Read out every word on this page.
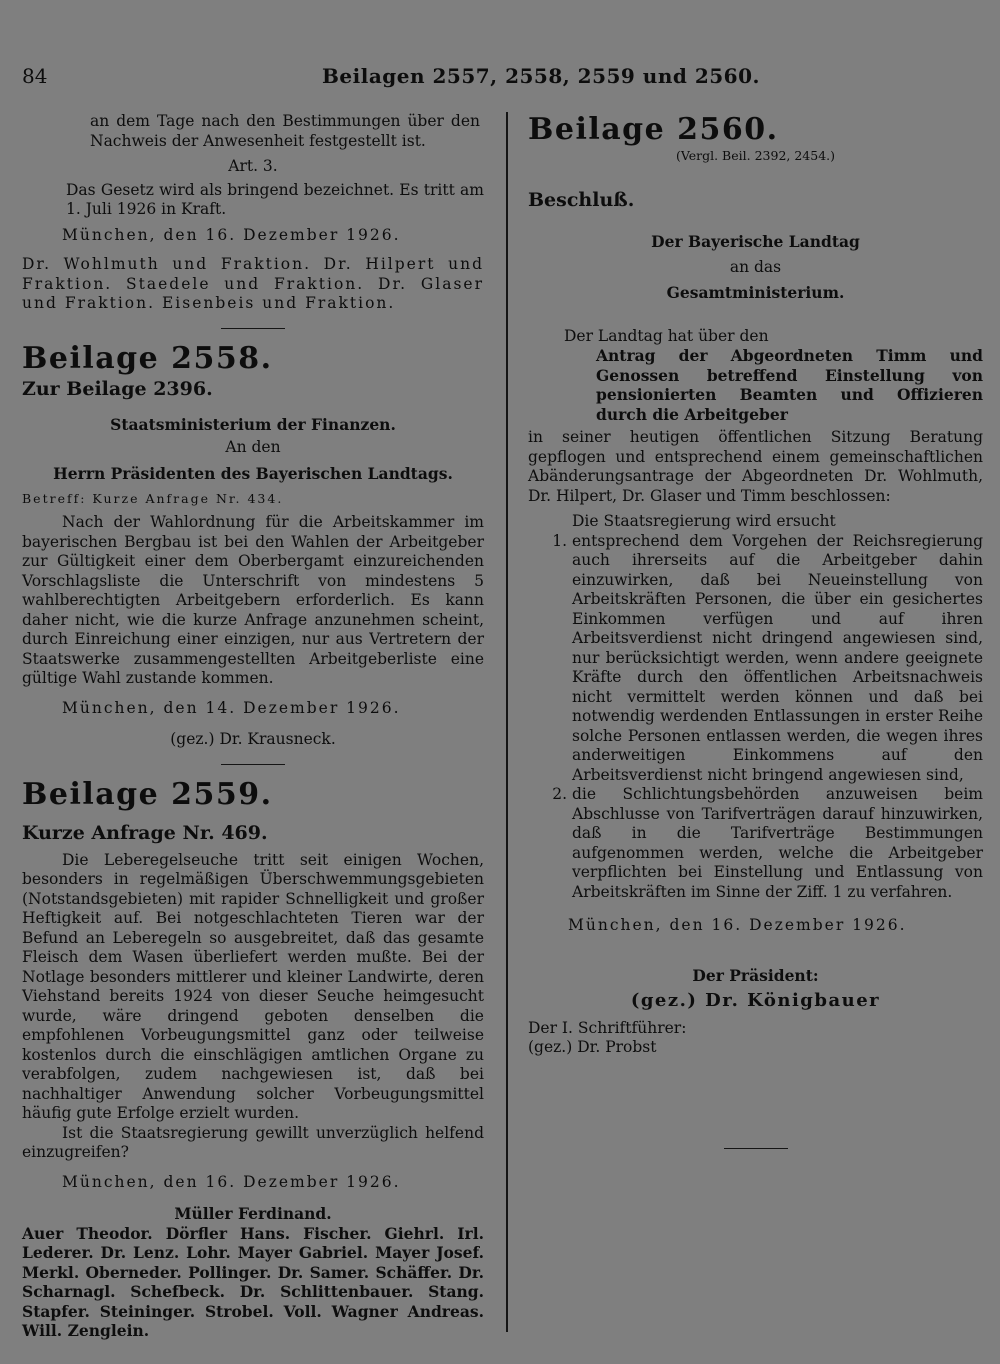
84	Beilagen 2557, 2558, 2559 und 2560.

an dem Tage nach den Bestimmungen über den Nachweis der Anwesenheit festgestellt ist.

Art. 3.

Das Gesetz wird als bringend bezeichnet. Es tritt am 1. Juli 1926 in Kraft.

München, den 16. Dezember 1926.

Dr. Wohlmuth und Fraktion. Dr. Hilpert und Fraktion. Staedele und Fraktion. Dr. Glaser und Fraktion. Eisenbeis und Fraktion.

Beilage 2558.

Zur Beilage 2396.

Staatsministerium der Finanzen.

An den

Herrn Präsidenten des Bayerischen Landtags.

Betreff: Kurze Anfrage Nr. 434.

Nach der Wahlordnung für die Arbeitskammer im bayerischen Bergbau ist bei den Wahlen der Arbeitgeber zur Gültigkeit einer dem Oberbergamt einzureichenden Vorschlagsliste die Unterschrift von mindestens 5 wahlberechtigten Arbeitgebern erforderlich. Es kann daher nicht, wie die kurze Anfrage anzunehmen scheint, durch Einreichung einer einzigen, nur aus Vertretern der Staatswerke zusammengestellten Arbeitgeberliste eine gültige Wahl zustande kommen.

München, den 14. Dezember 1926.

(gez.) Dr. Krausneck.

Beilage 2559.

Kurze Anfrage Nr. 469.

Die Leberegelseuche tritt seit einigen Wochen, besonders in regelmäßigen Überschwemmungsgebieten (Notstandsgebieten) mit rapider Schnelligkeit und großer Heftigkeit auf. Bei notgeschlachteten Tieren war der Befund an Leberegeln so ausgebreitet, daß das gesamte Fleisch dem Wasen überliefert werden mußte. Bei der Notlage besonders mittlerer und kleiner Landwirte, deren Viehstand bereits 1924 von dieser Seuche heimgesucht wurde, wäre dringend geboten denselben die empfohlenen Vorbeugungsmittel ganz oder teilweise kostenlos durch die einschlägigen amtlichen Organe zu verabfolgen, zudem nachgewiesen ist, daß bei nachhaltiger Anwendung solcher Vorbeugungsmittel häufig gute Erfolge erzielt wurden.

Ist die Staatsregierung gewillt unverzüglich helfend einzugreifen?

München, den 16. Dezember 1926.

Müller Ferdinand.

Auer Theodor. Dörfler Hans. Fischer. Giehrl. Irl. Lederer. Dr. Lenz. Lohr. Mayer Gabriel. Mayer Josef. Merkl. Oberneder. Pollinger. Dr. Samer. Schäffer. Dr. Scharnagl. Schefbeck. Dr. Schlittenbauer. Stang. Stapfer. Steininger. Strobel. Voll. Wagner Andreas. Will. Zenglein.

Beilage 2560.

(Vergl. Beil. 2392, 2454.)

Beschluß.

Der Bayerische Landtag

an das

Gesamtministerium.

Der Landtag hat über den

Antrag der Abgeordneten Timm und Genossen betreffend Einstellung von pensionierten Beamten und Offizieren durch die Arbeitgeber

in seiner heutigen öffentlichen Sitzung Beratung gepflogen und entsprechend einem gemeinschaftlichen Abänderungsantrage der Abgeordneten Dr. Wohlmuth, Dr. Hilpert, Dr. Glaser und Timm beschlossen:

Die Staatsregierung wird ersucht

1. entsprechend dem Vorgehen der Reichsregierung auch ihrerseits auf die Arbeitgeber dahin einzuwirken, daß bei Neueinstellung von Arbeitskräften Personen, die über ein gesichertes Einkommen verfügen und auf ihren Arbeitsverdienst nicht dringend angewiesen sind, nur berücksichtigt werden, wenn andere geeignete Kräfte durch den öffentlichen Arbeitsnachweis nicht vermittelt werden können und daß bei notwendig werdenden Entlassungen in erster Reihe solche Personen entlassen werden, die wegen ihres anderweitigen Einkommens auf den Arbeitsverdienst nicht bringend angewiesen sind,
2. die Schlichtungsbehörden anzuweisen beim Abschlusse von Tarifverträgen darauf hinzuwirken, daß in die Tarifverträge Bestimmungen aufgenommen werden, welche die Arbeitgeber verpflichten bei Einstellung und Entlassung von Arbeitskräften im Sinne der Ziff. 1 zu verfahren.

München, den 16. Dezember 1926.

Der Präsident:

(gez.) Dr. Königbauer

Der I. Schriftführer:

(gez.) Dr. Probst
